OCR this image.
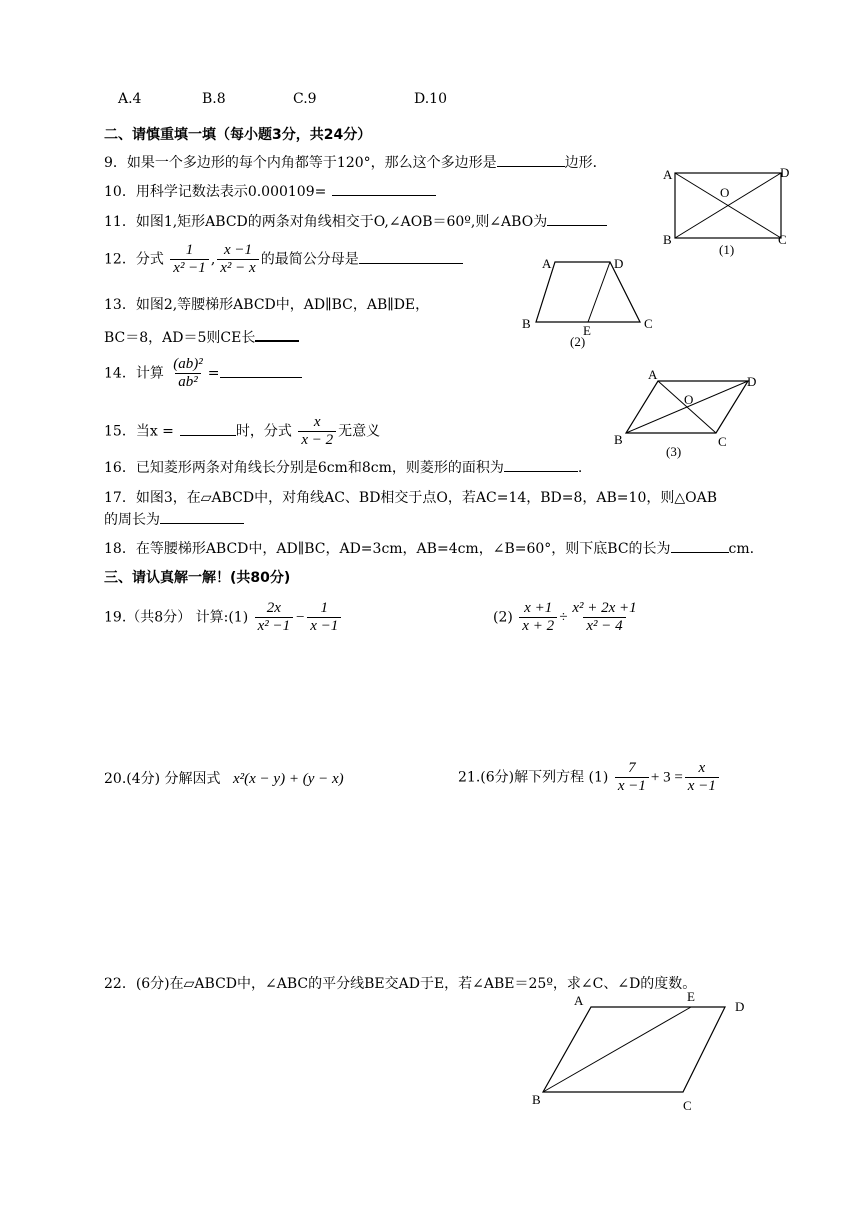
A.4	B.8	C.9	D.10
二、请慎重填一填（每小题3分，共24分）
9．如果一个多边形的每个内角都等于120°，那么这个多边形是	边形．
10．用科学记数法表示0.000109=
11．如图1,矩形ABCD的两条对角线相交于O,∠AOB＝60º,则∠ABO为
12．分式 $\frac{1}{\text{x² −1}}$ , $\frac{x -1}{\text{x² − x}}$ 的最简公分母是
13．如图2,等腰梯形ABCD中，AD∥BC，AB∥DE，
BC＝8，AD＝5则CE长
14．计算 $\frac{\text{(ab)²}}{\text{ab²}}$ =
15．当x =	时，分式 $\frac{x}{x - 2}$ 无意义
16．已知菱形两条对角线长分别是6cm和8cm，则菱形的面积为	.
17．如图3，在▱ABCD中，对角线AC、BD相交于点O，若AC=14，BD=8，AB=10，则△OAB
的周长为
18．在等腰梯形ABCD中，AD∥BC，AD=3cm，AB=4cm，∠B=60°，则下底BC的长为	cm.
三、请认真解一解！(共80分)
19.（共8分） 计算:(1) $\frac{2x}{\text{x² −1}} - \frac{1}{x -1}$	$(2) \frac{x +1}{x + 2} \div \frac{\text{x² + 2x +1}}{\text{x² − 4}}$
20.(4分) 分解因式 x²(x − y) + (y − x)	21.(6分)解下列方程 $(1) \frac{7}{x -1} + 3 = \frac{x}{x -1}$
22．(6分)在▱ABCD中，∠ABC的平分线BE交AD于E，若∠ABE＝25º，求∠C、∠D的度数。
A	D
O
B	C
(1)
A	D
B	C
E
(2)
A	D
O
B	C
(3)
A	E
D
B	C
